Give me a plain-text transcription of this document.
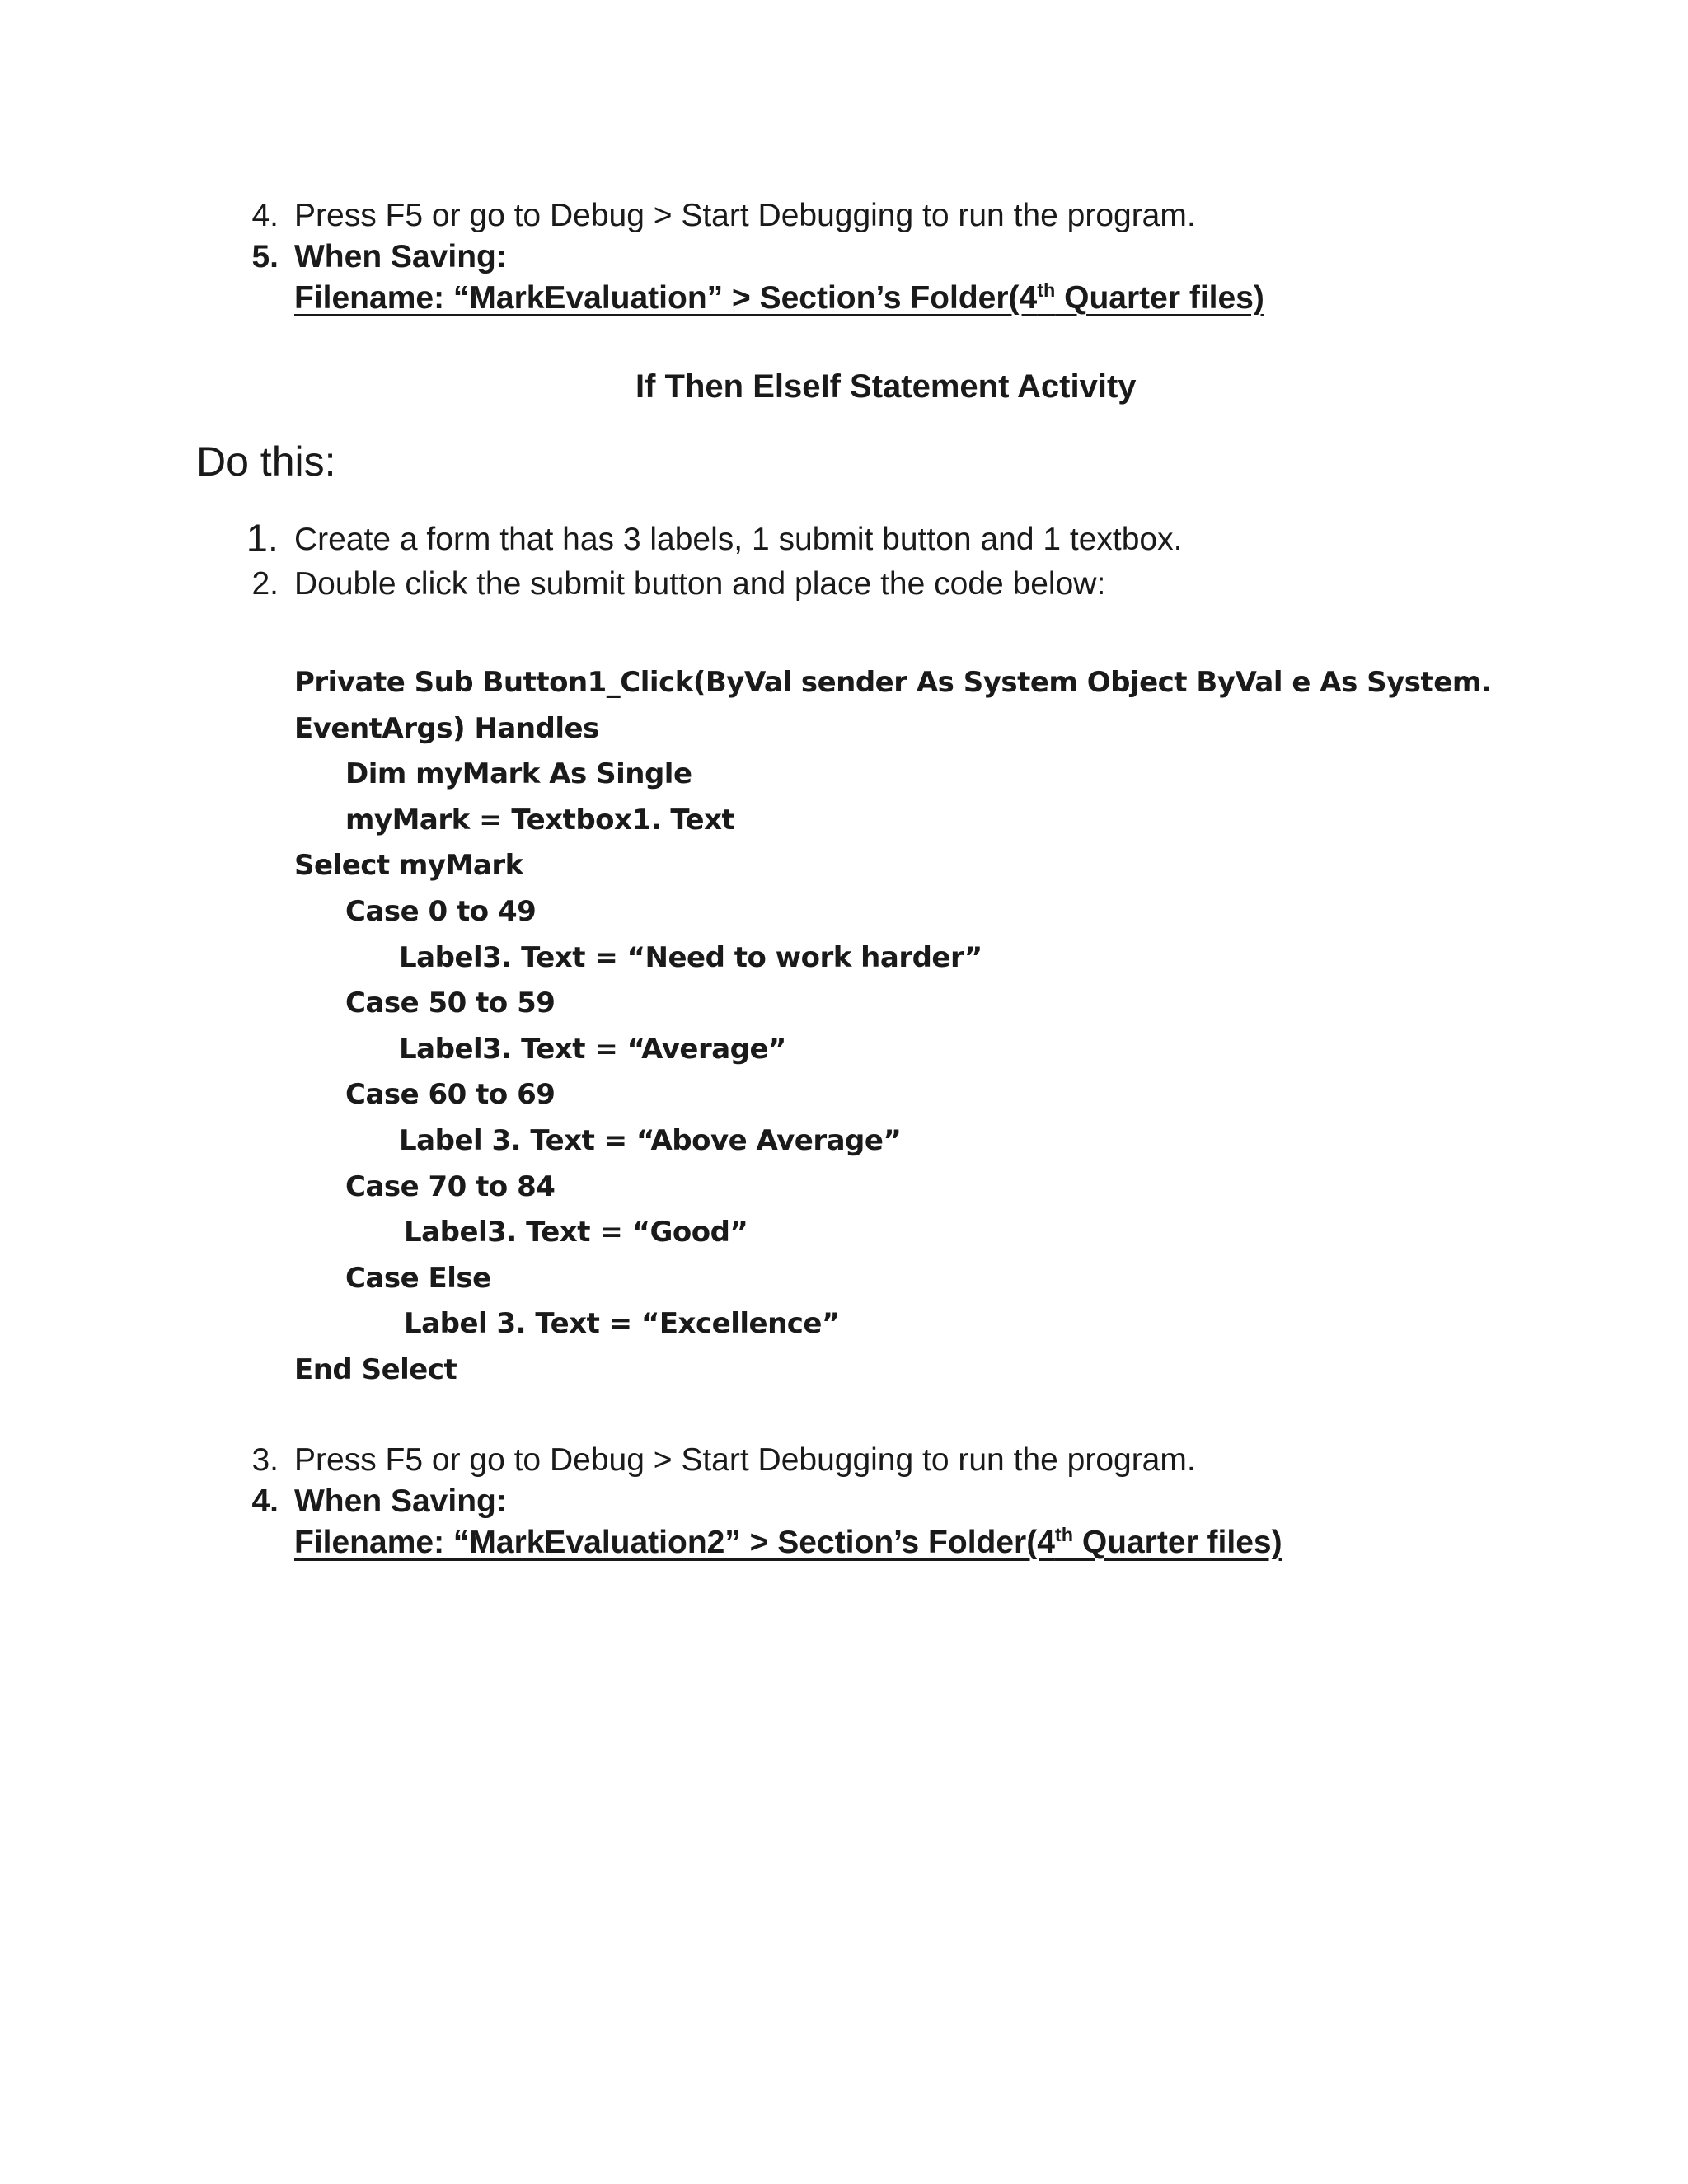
4. Press F5 or go to Debug > Start Debugging to run the program.
5. When Saving:
Filename: “MarkEvaluation” > Section’s Folder(4th Quarter files)
If Then ElseIf Statement Activity
Do this:
1. Create a form that has 3 labels, 1 submit button and 1 textbox.
2. Double click the submit button and place the code below:
Private Sub Button1_Click(ByVal sender As System Object ByVal e As System.
EventArgs) Handles
Dim myMark As Single
myMark = Textbox1. Text
Select myMark
Case 0 to 49
Label3. Text = “Need to work harder”
Case 50 to 59
Label3. Text = “Average”
Case 60 to 69
Label 3. Text = “Above Average”
Case 70 to 84
Label3. Text = “Good”
Case Else
Label 3. Text = “Excellence”
End Select
3. Press F5 or go to Debug > Start Debugging to run the program.
4. When Saving:
Filename: “MarkEvaluation2” > Section’s Folder(4th Quarter files)
